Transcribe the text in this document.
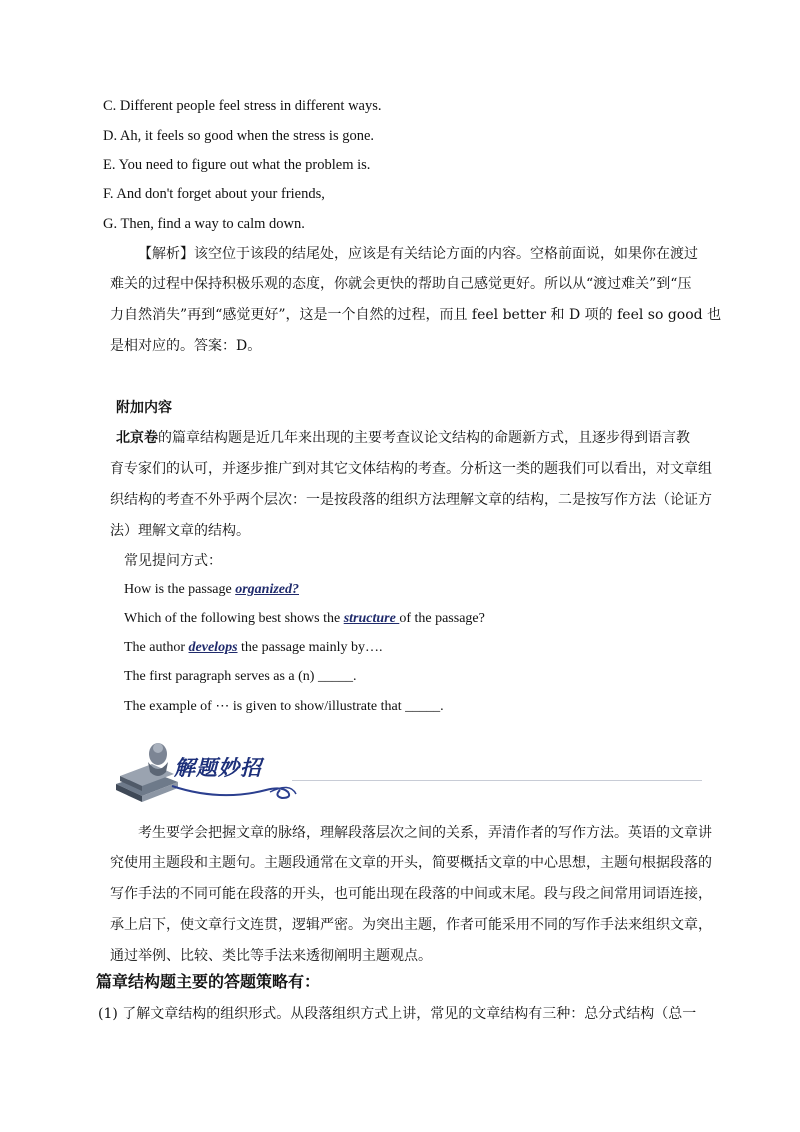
C. Different people feel stress in different ways.
D. Ah, it feels so good when the stress is gone.
E. You need to figure out what the problem is.
F. And don't forget about your friends,
G. Then, find a way to calm down.
【解析】该空位于该段的结尾处，应该是有关结论方面的内容。空格前面说，如果你在渡过
难关的过程中保持积极乐观的态度，你就会更快的帮助自己感觉更好。所以从“渡过难关”到“压
力自然消失”再到“感觉更好”，这是一个自然的过程，而且 feel better 和 D 项的 feel so good 也
是相对应的。答案：D。
附加内容
北京卷的篇章结构题是近几年来出现的主要考查议论文结构的命题新方式，且逐步得到语言教
育专家们的认可，并逐步推广到对其它文体结构的考查。分析这一类的题我们可以看出，对文章组
织结构的考查不外乎两个层次：一是按段落的组织方法理解文章的结构，二是按写作方法（论证方
法）理解文章的结构。
常见提问方式：
How is the passage organized?
Which of the following best shows the structure of the passage?
The author develops the passage mainly by….
The first paragraph serves as a (n) _____.
The example of ⋯ is given to show/illustrate that _____.
解题妙招
考生要学会把握文章的脉络，理解段落层次之间的关系，弄清作者的写作方法。英语的文章讲
究使用主题段和主题句。主题段通常在文章的开头，简要概括文章的中心思想，主题句根据段落的
写作手法的不同可能在段落的开头，也可能出现在段落的中间或末尾。段与段之间常用词语连接，
承上启下，使文章行文连贯，逻辑严密。为突出主题，作者可能采用不同的写作手法来组织文章，
通过举例、比较、类比等手法来透彻阐明主题观点。
篇章结构题主要的答题策略有：
(1) 了解文章结构的组织形式。从段落组织方式上讲，常见的文章结构有三种：总分式结构（总一
